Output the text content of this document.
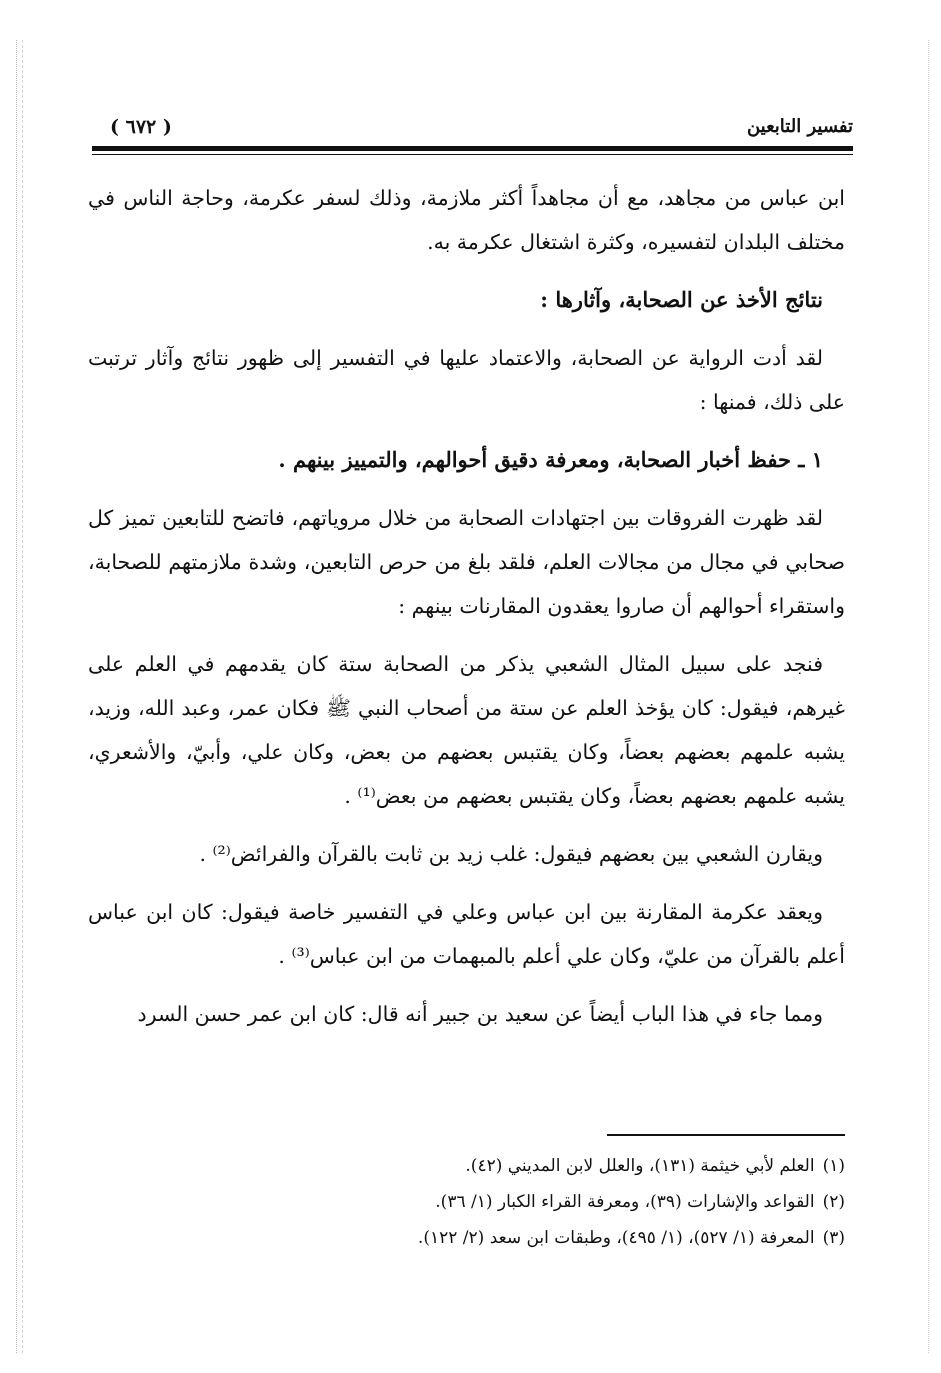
تفسير التابعين
( ٦٧٢ )

ابن عباس من مجاهد، مع أن مجاهداً أكثر ملازمة، وذلك لسفر عكرمة، وحاجة الناس في مختلف البلدان لتفسيره، وكثرة اشتغال عكرمة به.

نتائج الأخذ عن الصحابة، وآثارها :

لقد أدت الرواية عن الصحابة، والاعتماد عليها في التفسير إلى ظهور نتائج وآثار ترتبت على ذلك، فمنها :

١ ـ حفظ أخبار الصحابة، ومعرفة دقيق أحوالهم، والتمييز بينهم .

لقد ظهرت الفروقات بين اجتهادات الصحابة من خلال مروياتهم، فاتضح للتابعين تميز كل صحابي في مجال من مجالات العلم، فلقد بلغ من حرص التابعين، وشدة ملازمتهم للصحابة، واستقراء أحوالهم أن صاروا يعقدون المقارنات بينهم :

فنجد على سبيل المثال الشعبي يذكر من الصحابة ستة كان يقدمهم في العلم على غيرهم، فيقول: كان يؤخذ العلم عن ستة من أصحاب النبي ﷺ فكان عمر، وعبد الله، وزيد، يشبه علمهم بعضهم بعضاً، وكان يقتبس بعضهم من بعض، وكان علي، وأبيّ، والأشعري، يشبه علمهم بعضهم بعضاً، وكان يقتبس بعضهم من بعض⁽¹⁾ .

ويقارن الشعبي بين بعضهم فيقول: غلب زيد بن ثابت بالقرآن والفرائض⁽²⁾ .

ويعقد عكرمة المقارنة بين ابن عباس وعلي في التفسير خاصة فيقول: كان ابن عباس أعلم بالقرآن من عليّ، وكان علي أعلم بالمبهمات من ابن عباس⁽³⁾ .

ومما جاء في هذا الباب أيضاً عن سعيد بن جبير أنه قال: كان ابن عمر حسن السرد

(١)العلم لأبي خيثمة (١٣١)، والعلل لابن المديني (٤٢).
(٢)القواعد والإشارات (٣٩)، ومعرفة القراء الكبار (١/ ٣٦).
(٣)المعرفة (١/ ٥٢٧)، (١/ ٤٩٥)، وطبقات ابن سعد (٢/ ١٢٢).
